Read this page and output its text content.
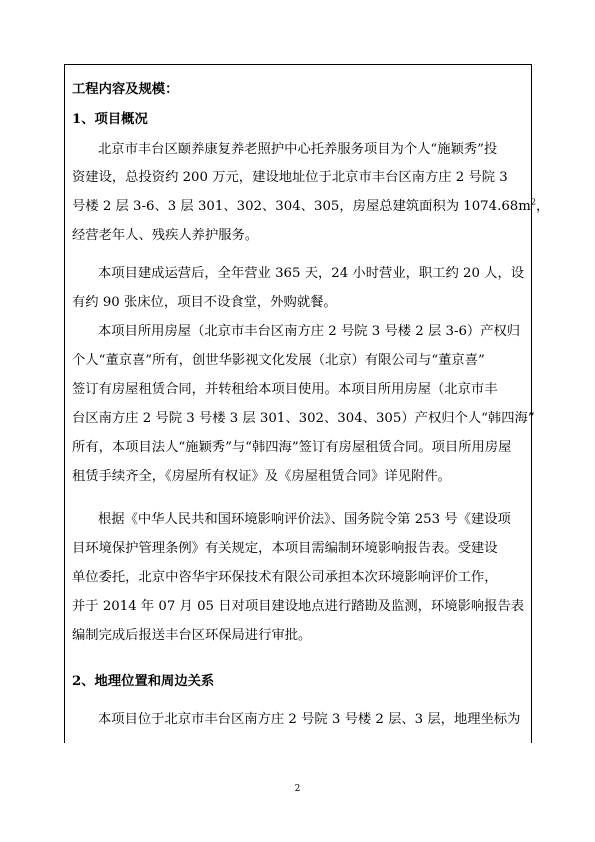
工程内容及规模：
1、项目概况
北京市丰台区颐养康复养老照护中心托养服务项目为个人“施颖秀”投
资建设，总投资约 200 万元，建设地址位于北京市丰台区南方庄 2 号院 3
号楼 2 层 3-6、3 层 301、302、304、305，房屋总建筑面积为 $1074.68m^2$，
经营老年人、残疾人养护服务。
本项目建成运营后，全年营业 365 天，24 小时营业，职工约 20 人，设
有约 90 张床位，项目不设食堂，外购就餐。
本项目所用房屋（北京市丰台区南方庄 2 号院 3 号楼 2 层 3-6）产权归
个人“董京喜”所有，创世华影视文化发展（北京）有限公司与“董京喜”
签订有房屋租赁合同，并转租给本项目使用。本项目所用房屋（北京市丰
台区南方庄 2 号院 3 号楼 3 层 301、302、304、305）产权归个人“韩四海”
所有，本项目法人“施颖秀”与“韩四海”签订有房屋租赁合同。项目所用房屋
租赁手续齐全，《房屋所有权证》及《房屋租赁合同》详见附件。
根据《中华人民共和国环境影响评价法》、国务院令第 253 号《建设项
目环境保护管理条例》有关规定，本项目需编制环境影响报告表。受建设
单位委托，北京中咨华宇环保技术有限公司承担本次环境影响评价工作，
并于 2014 年 07 月 05 日对项目建设地点进行踏勘及监测，环境影响报告表
编制完成后报送丰台区环保局进行审批。
2、地理位置和周边关系
本项目位于北京市丰台区南方庄 2 号院 3 号楼 2 层、3 层，地理坐标为
2
